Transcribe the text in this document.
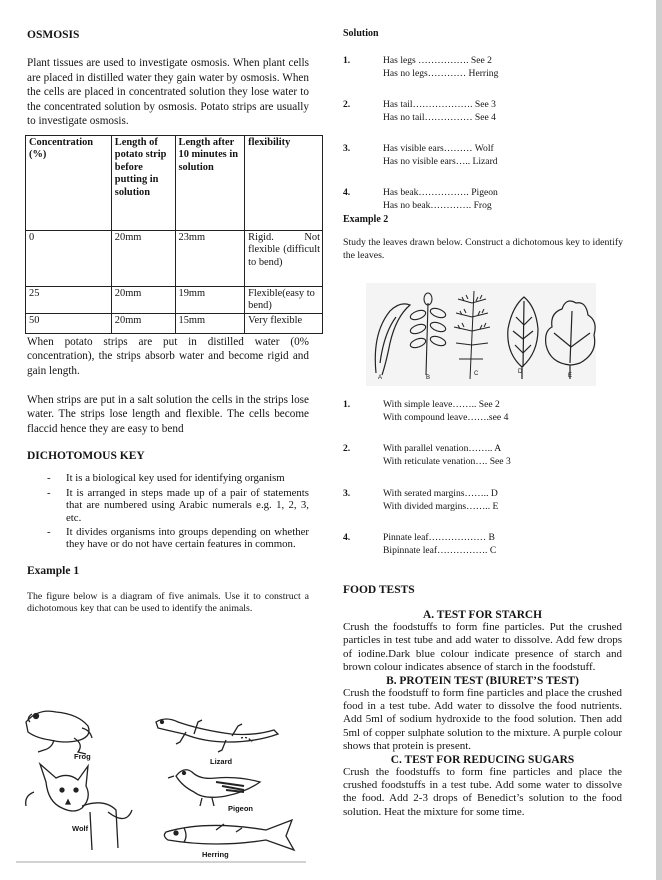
OSMOSIS
Plant tissues are used to investigate osmosis. When plant cells are placed in distilled water they gain water by osmosis. When the cells are placed in concentrated solution they lose water to the concentrated solution by osmosis. Potato strips are usually to investigate osmosis.
Concentration (%)	Length of potato strip before putting in solution	Length after 10 minutes in solution	flexibility
0	20mm	23mm	Rigid. Not flexible (difficult to bend)
25	20mm	19mm	Flexible(easy to bend)
50	20mm	15mm	Very flexible
When potato strips are put in distilled water (0% concentration), the strips absorb water and become rigid and gain length.
When strips are put in a salt solution the cells in the strips lose water. The strips lose length and flexible. The cells become flaccid hence they are easy to bend
DICHOTOMOUS KEY
- It is a biological key used for identifying organism
- It is arranged in steps made up of a pair of statements that are numbered using Arabic numerals e.g. 1, 2, 3, etc.
- It divides organisms into groups depending on whether they have or do not have certain features in common.
Example 1
The figure below is a diagram of five animals. Use it to construct a dichotomous key that can be used to identify the animals.
Frog
Lizard
Wolf
Pigeon
Herring
Solution
1.	Has legs ……………. See 2
Has no legs………… Herring
2.	Has tail………………. See 3
Has no tail…………… See 4
3.	Has visible ears……… Wolf
Has no visible ears….. Lizard
4.	Has beak……………. Pigeon
Has no beak…………. Frog
Example 2
Study the leaves drawn below. Construct a dichotomous key to identify the leaves.
A	B
C	D
E
1.	With simple leave…….. See 2
With compound leave…….see 4
2.	With parallel venation…….. A
With reticulate venation…. See 3
3.	With serated margins…….. D
With divided margins…….. E
4.	Pinnate leaf……………… B
Bipinnate leaf……………. C
FOOD TESTS
A. TEST FOR STARCH
Crush the foodstuffs to form fine particles. Put the crushed particles in test tube and add water to dissolve. Add few drops of iodine.Dark blue colour indicate presence of starch and brown colour indicates absence of starch in the foodstuff.
B. PROTEIN TEST (BIURET’S TEST)
Crush the foodstuff to form fine particles and place the crushed food in a test tube. Add water to dissolve the food nutrients. Add 5ml of sodium hydroxide to the food solution. Then add 5ml of copper sulphate solution to the mixture. A purple colour shows that protein is present.
C. TEST FOR REDUCING SUGARS
Crush the foodstuffs to form fine particles and place the crushed foodstuffs in a test tube. Add some water to dissolve the food. Add 2-3 drops of Benedict’s solution to the food solution. Heat the mixture for some time.
